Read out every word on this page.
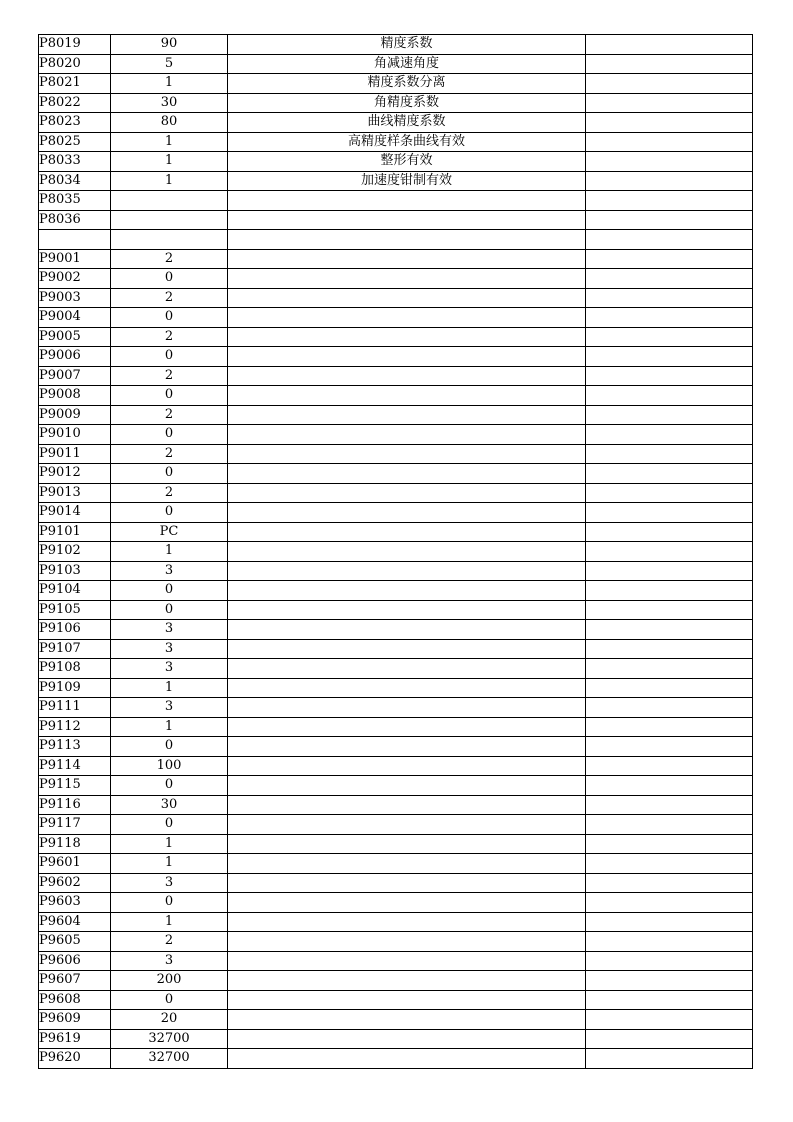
P8019	90	精度系数	
P8020	5	角减速角度	
P8021	1	精度系数分离	
P8022	30	角精度系数	
P8023	80	曲线精度系数	
P8025	1	高精度样条曲线有效	
P8033	1	整形有效	
P8034	1	加速度钳制有效	
P8035			
P8036			

P9001	2		
P9002	0		
P9003	2		
P9004	0		
P9005	2		
P9006	0		
P9007	2		
P9008	0		
P9009	2		
P9010	0		
P9011	2		
P9012	0		
P9013	2		
P9014	0		
P9101	PC		
P9102	1		
P9103	3		
P9104	0		
P9105	0		
P9106	3		
P9107	3		
P9108	3		
P9109	1		
P9111	3		
P9112	1		
P9113	0		
P9114	100		
P9115	0		
P9116	30		
P9117	0		
P9118	1		
P9601	1		
P9602	3		
P9603	0		
P9604	1		
P9605	2		
P9606	3		
P9607	200		
P9608	0		
P9609	20		
P9619	32700		
P9620	32700		
